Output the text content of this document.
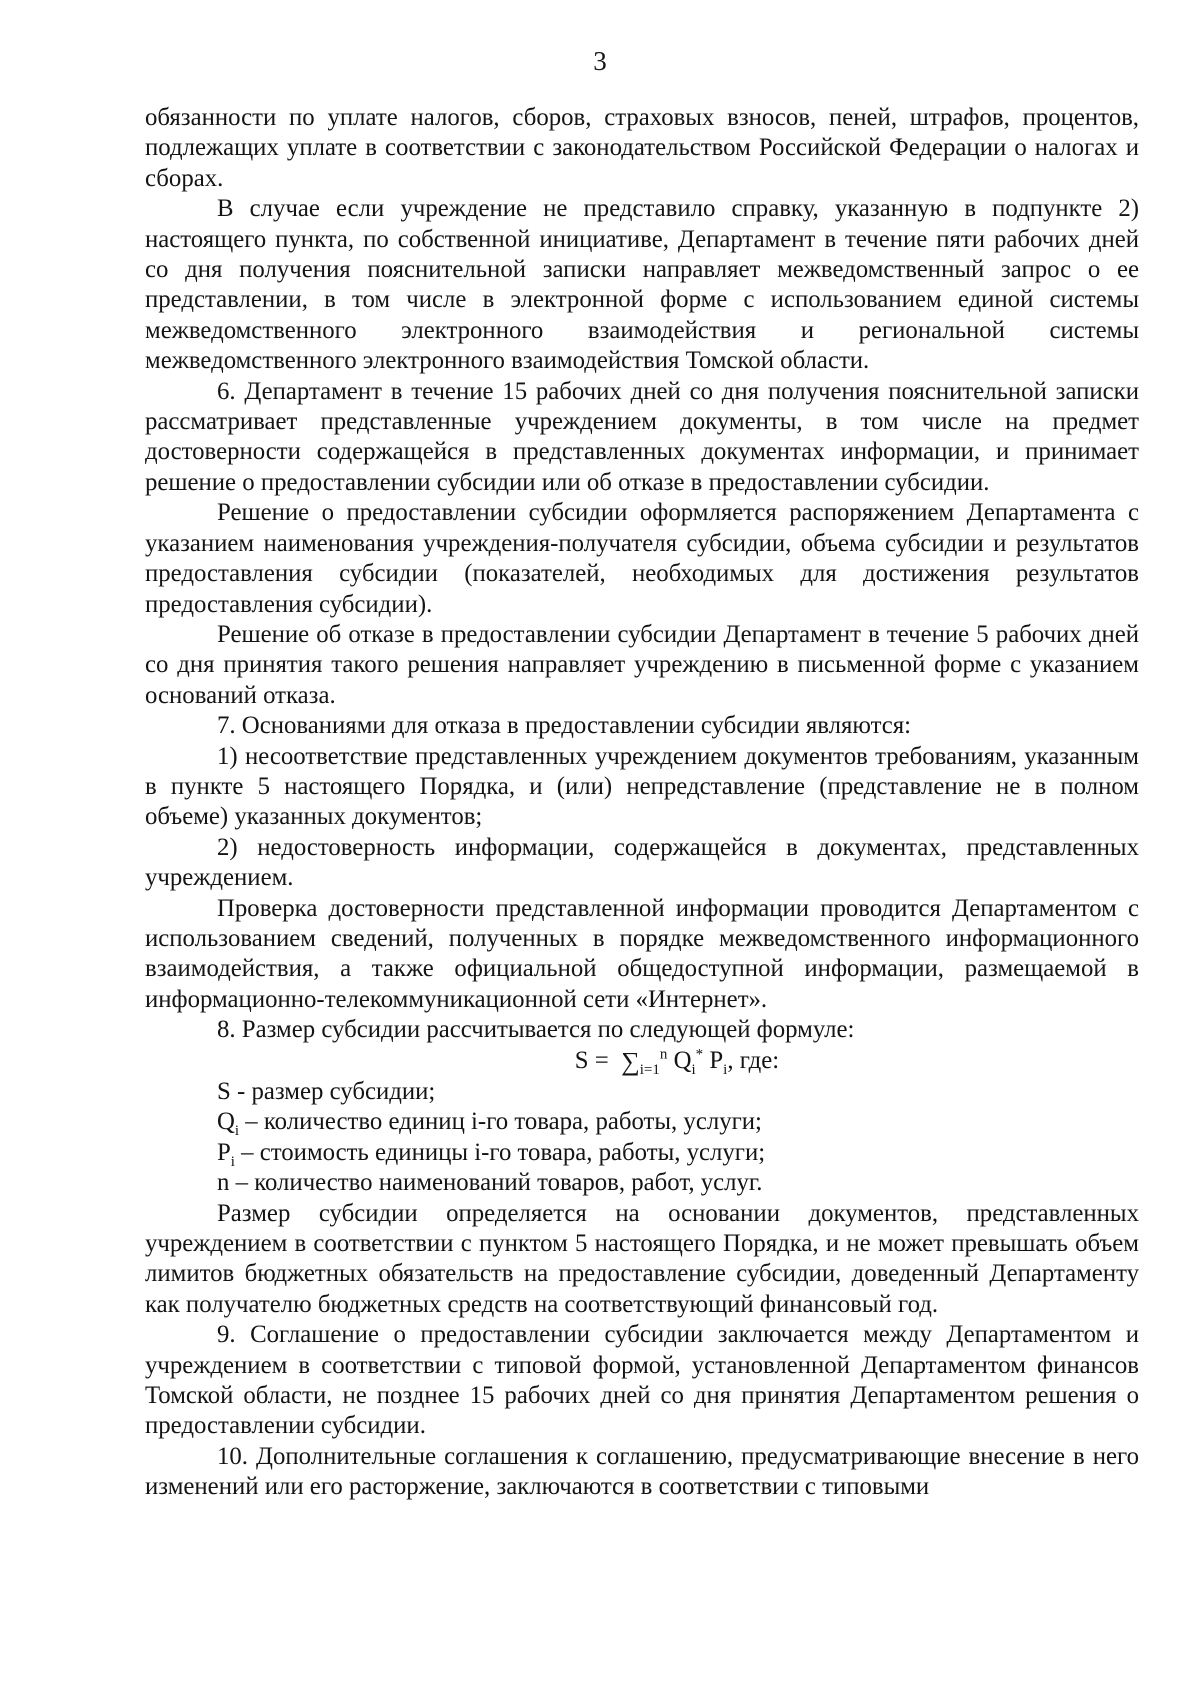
3

обязанности по уплате налогов, сборов, страховых взносов, пеней, штрафов, процентов, подлежащих уплате в соответствии с законодательством Российской Федерации о налогах и сборах.

В случае если учреждение не представило справку, указанную в подпункте 2) настоящего пункта, по собственной инициативе, Департамент в течение пяти рабочих дней со дня получения пояснительной записки направляет межведомственный запрос о ее представлении, в том числе в электронной форме с использованием единой системы межведомственного электронного взаимодействия и региональной системы межведомственного электронного взаимодействия Томской области.

6. Департамент в течение 15 рабочих дней со дня получения пояснительной записки рассматривает представленные учреждением документы, в том числе на предмет достоверности содержащейся в представленных документах информации, и принимает решение о предоставлении субсидии или об отказе в предоставлении субсидии.

Решение о предоставлении субсидии оформляется распоряжением Департамента с указанием наименования учреждения-получателя субсидии, объема субсидии и результатов предоставления субсидии (показателей, необходимых для достижения результатов предоставления субсидии).

Решение об отказе в предоставлении субсидии Департамент в течение 5 рабочих дней со дня принятия такого решения направляет учреждению в письменной форме с указанием оснований отказа.

7. Основаниями для отказа в предоставлении субсидии являются:

1) несоответствие представленных учреждением документов требованиям, указанным в пункте 5 настоящего Порядка, и (или) непредставление (представление не в полном объеме) указанных документов;

2) недостоверность информации, содержащейся в документах, представленных учреждением.

Проверка достоверности представленной информации проводится Департаментом с использованием сведений, полученных в порядке межведомственного информационного взаимодействия, а также официальной общедоступной информации, размещаемой в информационно-телекоммуникационной сети «Интернет».

8. Размер субсидии рассчитывается по следующей формуле:

$S = \sum_{i=1}^n$ $Q_i^*$ $P_i$, где:

S - размер субсидии;

$Q_i$ – количество единиц i-го товара, работы, услуги;

$P_i$ – стоимость единицы i-го товара, работы, услуги;

n – количество наименований товаров, работ, услуг.

Размер субсидии определяется на основании документов, представленных учреждением в соответствии с пунктом 5 настоящего Порядка, и не может превышать объем лимитов бюджетных обязательств на предоставление субсидии, доведенный Департаменту как получателю бюджетных средств на соответствующий финансовый год.

9. Соглашение о предоставлении субсидии заключается между Департаментом и учреждением в соответствии с типовой формой, установленной Департаментом финансов Томской области, не позднее 15 рабочих дней со дня принятия Департаментом решения о предоставлении субсидии.

10. Дополнительные соглашения к соглашению, предусматривающие внесение в него изменений или его расторжение, заключаются в соответствии с типовыми
